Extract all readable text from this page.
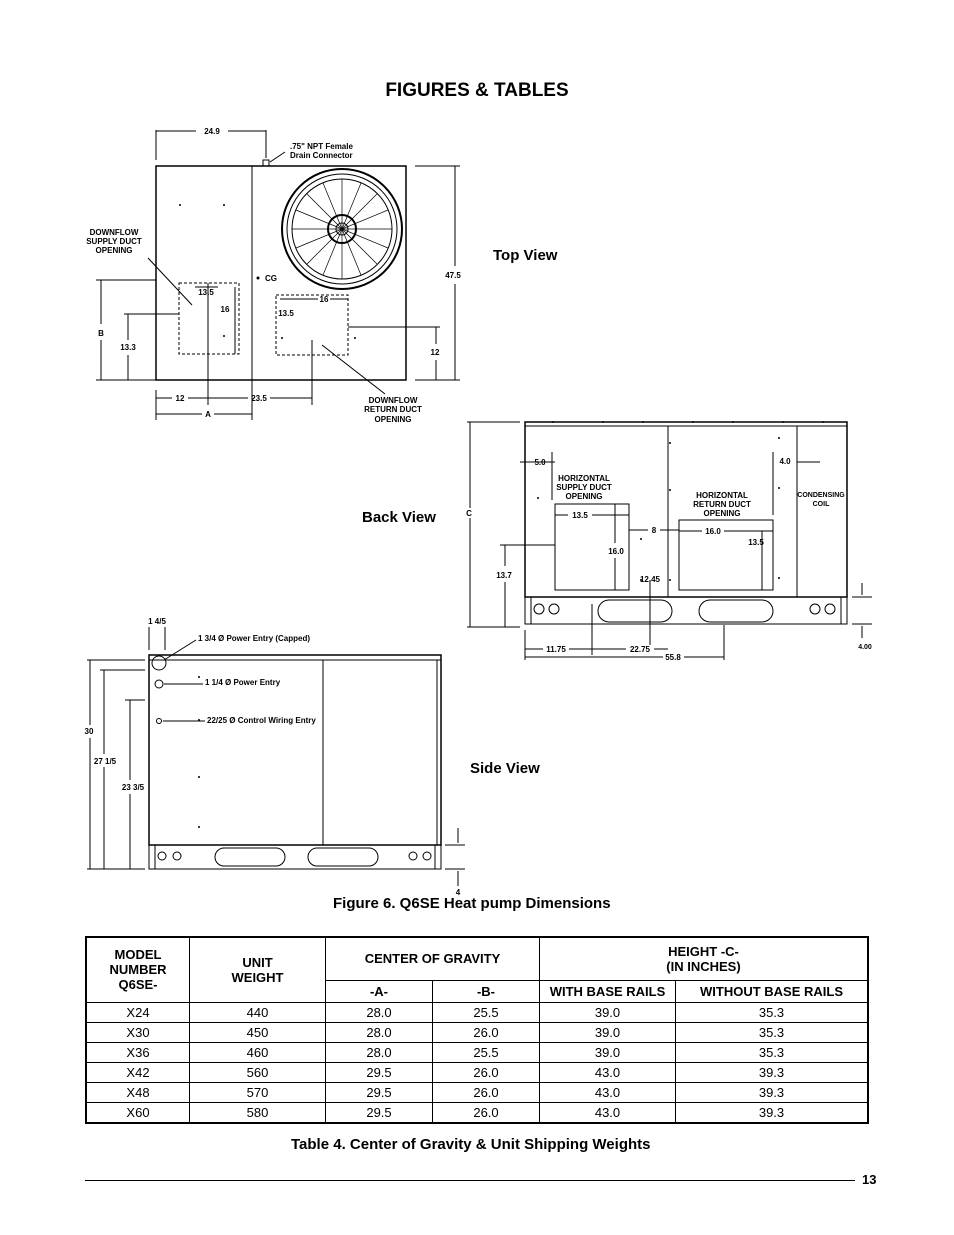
FIGURES & TABLES
24.9
.75" NPT Female
Drain Connector
DOWNFLOW
SUPPLY DUCT
OPENING
CG
13.5
16
16
13.5
B
13.3
47.5
12
12	23.5
A
DOWNFLOW
RETURN DUCT
OPENING
C
5.0	4.0
HORIZONTAL
SUPPLY DUCT
OPENING	HORIZONTAL
RETURN DUCT
OPENING
CONDENSING
COIL
13.5
8	16.0
16.0
13.5
12.45
13.7
11.75	22.75
55.8
4.00
1 4/5
1 3/4 Ø Power Entry (Capped)
1 1/4 Ø Power Entry
22/25 Ø Control Wiring Entry
30
27 1/5
23 3/5
4
Top View
Back View
Side View
Figure 6. Q6SE Heat pump Dimensions
MODEL
NUMBER
Q6SE-	UNIT
WEIGHT	CENTER OF GRAVITY		HEIGHT -C-
(IN INCHES)	
		-A-	-B-	WITH BASE RAILS	WITHOUT BASE RAILS
X24	440	28.0	25.5	39.0	35.3
X30	450	28.0	26.0	39.0	35.3
X36	460	28.0	25.5	39.0	35.3
X42	560	29.5	26.0	43.0	39.3
X48	570	29.5	26.0	43.0	39.3
X60	580	29.5	26.0	43.0	39.3
Table 4. Center of Gravity & Unit Shipping Weights
13
